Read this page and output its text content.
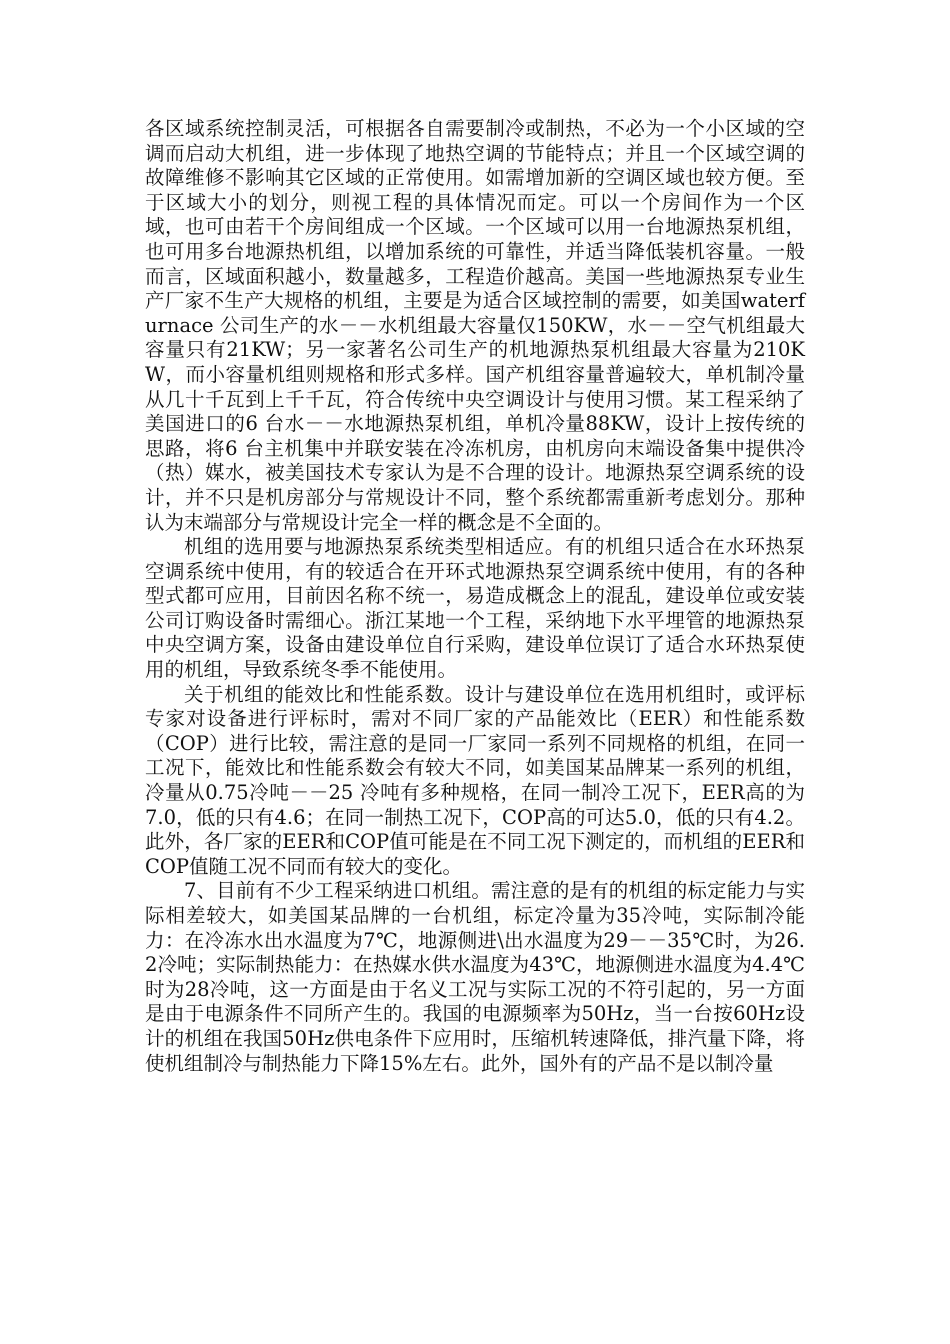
各区域系统控制灵活，可根据各自需要制冷或制热，不必为一个小区域的空调而启动大机组，进一步体现了地热空调的节能特点；并且一个区域空调的故障维修不影响其它区域的正常使用。如需增加新的空调区域也较方便。至于区域大小的划分，则视工程的具体情况而定。可以一个房间作为一个区域，也可由若干个房间组成一个区域。一个区域可以用一台地源热泵机组，也可用多台地源热机组，以增加系统的可靠性，并适当降低装机容量。一般而言，区域面积越小，数量越多，工程造价越高。美国一些地源热泵专业生产厂家不生产大规格的机组，主要是为适合区域控制的需要，如美国waterfurnace 公司生产的水－－水机组最大容量仅150KW，水－－空气机组最大容量只有21KW；另一家著名公司生产的机地源热泵机组最大容量为210KW，而小容量机组则规格和形式多样。国产机组容量普遍较大，单机制冷量从几十千瓦到上千千瓦，符合传统中央空调设计与使用习惯。某工程采纳了美国进口的6 台水－－水地源热泵机组，单机冷量88KW，设计上按传统的思路，将6 台主机集中并联安装在冷冻机房，由机房向末端设备集中提供冷（热）媒水，被美国技术专家认为是不合理的设计。地源热泵空调系统的设计，并不只是机房部分与常规设计不同，整个系统都需重新考虑划分。那种认为末端部分与常规设计完全一样的概念是不全面的。

机组的选用要与地源热泵系统类型相适应。有的机组只适合在水环热泵空调系统中使用，有的较适合在开环式地源热泵空调系统中使用，有的各种型式都可应用，目前因名称不统一，易造成概念上的混乱，建设单位或安装公司订购设备时需细心。浙江某地一个工程，采纳地下水平埋管的地源热泵中央空调方案，设备由建设单位自行采购，建设单位误订了适合水环热泵使用的机组，导致系统冬季不能使用。

关于机组的能效比和性能系数。设计与建设单位在选用机组时，或评标专家对设备进行评标时，需对不同厂家的产品能效比（EER）和性能系数（COP）进行比较，需注意的是同一厂家同一系列不同规格的机组，在同一工况下，能效比和性能系数会有较大不同，如美国某品牌某一系列的机组，冷量从0.75冷吨－－25 冷吨有多种规格，在同一制冷工况下，EER高的为7.0，低的只有4.6；在同一制热工况下，COP高的可达5.0，低的只有4.2。此外，各厂家的EER和COP值可能是在不同工况下测定的，而机组的EER和COP值随工况不同而有较大的变化。

7、目前有不少工程采纳进口机组。需注意的是有的机组的标定能力与实际相差较大，如美国某品牌的一台机组，标定冷量为35冷吨，实际制冷能力：在冷冻水出水温度为7℃，地源侧进\出水温度为29－－35℃时，为26.2冷吨；实际制热能力：在热媒水供水温度为43℃，地源侧进水温度为4.4℃时为28冷吨，这一方面是由于名义工况与实际工况的不符引起的，另一方面是由于电源条件不同所产生的。我国的电源频率为50Hz，当一台按60Hz设计的机组在我国50Hz供电条件下应用时，压缩机转速降低，排汽量下降，将使机组制冷与制热能力下降15%左右。此外，国外有的产品不是以制冷量
